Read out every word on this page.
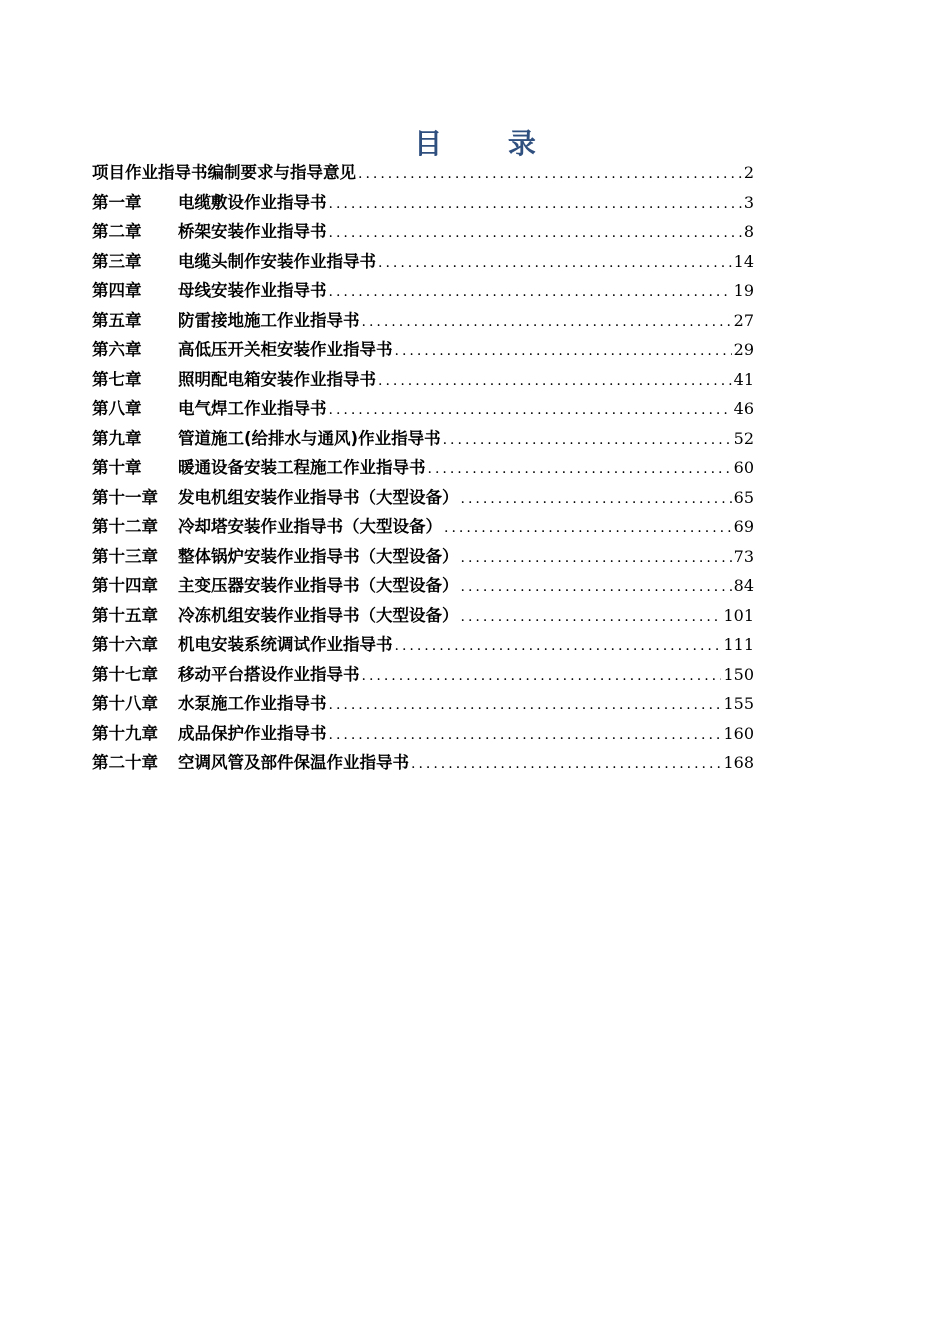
目 录
项目作业指导书编制要求与指导意见 .....	2
第一章	电缆敷设作业指导书 .....	3
第二章	桥架安装作业指导书 .....	8
第三章	电缆头制作安装作业指导书 .....	14
第四章	母线安装作业指导书 .....	19
第五章	防雷接地施工作业指导书 .....	27
第六章	高低压开关柜安装作业指导书 .....	29
第七章	照明配电箱安装作业指导书 .....	41
第八章	电气焊工作业指导书 .....	46
第九章	管道施工(给排水与通风)作业指导书 .....	52
第十章	暖通设备安装工程施工作业指导书 .....	60
第十一章	发电机组安装作业指导书（大型设备） .....	65
第十二章	冷却塔安装作业指导书（大型设备） .....	69
第十三章	整体锅炉安装作业指导书（大型设备） .....	73
第十四章	主变压器安装作业指导书（大型设备） .....	84
第十五章	冷冻机组安装作业指导书（大型设备） .....	101
第十六章	机电安装系统调试作业指导书 .....	111
第十七章	移动平台搭设作业指导书 .....	150
第十八章	水泵施工作业指导书 .....	155
第十九章	成品保护作业指导书 .....	160
第二十章	空调风管及部件保温作业指导书 .....	168
